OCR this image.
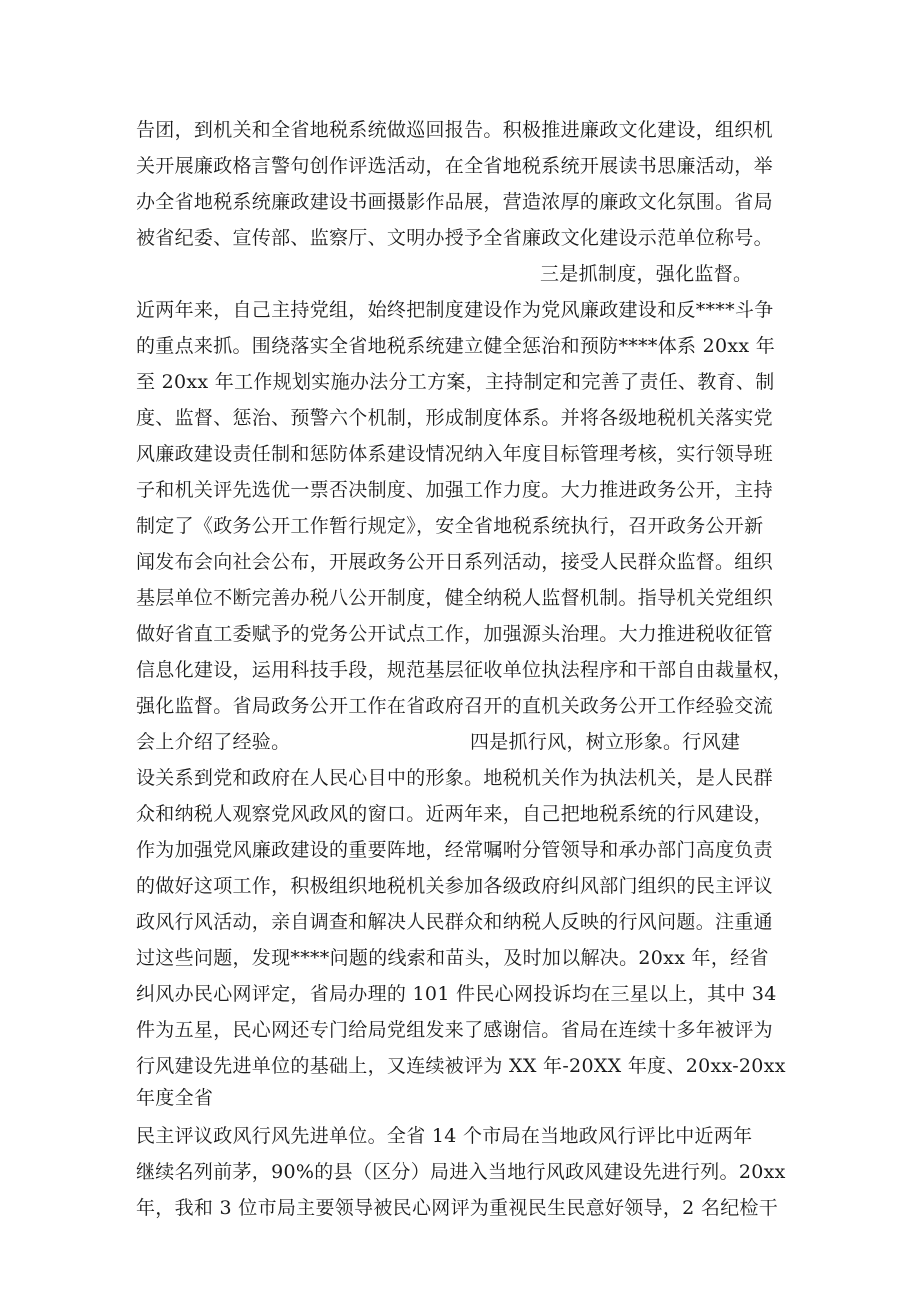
告团，到机关和全省地税系统做巡回报告。积极推进廉政文化建设，组织机
关开展廉政格言警句创作评选活动，在全省地税系统开展读书思廉活动，举
办全省地税系统廉政建设书画摄影作品展，营造浓厚的廉政文化氛围。省局
被省纪委、宣传部、监察厅、文明办授予全省廉政文化建设示范单位称号。
三是抓制度，强化监督。
近两年来，自己主持党组，始终把制度建设作为党风廉政建设和反****斗争
的重点来抓。围绕落实全省地税系统建立健全惩治和预防****体系 20xx 年
至 20xx 年工作规划实施办法分工方案，主持制定和完善了责任、教育、制
度、监督、惩治、预警六个机制，形成制度体系。并将各级地税机关落实党
风廉政建设责任制和惩防体系建设情况纳入年度目标管理考核，实行领导班
子和机关评先选优一票否决制度、加强工作力度。大力推进政务公开，主持
制定了《政务公开工作暂行规定》，安全省地税系统执行，召开政务公开新
闻发布会向社会公布，开展政务公开日系列活动，接受人民群众监督。组织
基层单位不断完善办税八公开制度，健全纳税人监督机制。指导机关党组织
做好省直工委赋予的党务公开试点工作，加强源头治理。大力推进税收征管
信息化建设，运用科技手段，规范基层征收单位执法程序和干部自由裁量权，
强化监督。省局政务公开工作在省政府召开的直机关政务公开工作经验交流
会上介绍了经验。	四是抓行风，树立形象。行风建
设关系到党和政府在人民心目中的形象。地税机关作为执法机关，是人民群
众和纳税人观察党风政风的窗口。近两年来，自己把地税系统的行风建设，
作为加强党风廉政建设的重要阵地，经常嘱咐分管领导和承办部门高度负责
的做好这项工作，积极组织地税机关参加各级政府纠风部门组织的民主评议
政风行风活动，亲自调查和解决人民群众和纳税人反映的行风问题。注重通
过这些问题，发现****问题的线索和苗头，及时加以解决。20xx 年，经省
纠风办民心网评定，省局办理的 101 件民心网投诉均在三星以上，其中 34
件为五星，民心网还专门给局党组发来了感谢信。省局在连续十多年被评为
行风建设先进单位的基础上，又连续被评为 XX 年-20XX 年度、20xx-20xx
年度全省
民主评议政风行风先进单位。全省 14 个市局在当地政风行评比中近两年
继续名列前茅，90%的县（区分）局进入当地行风政风建设先进行列。20xx
年，我和 3 位市局主要领导被民心网评为重视民生民意好领导，2 名纪检干
